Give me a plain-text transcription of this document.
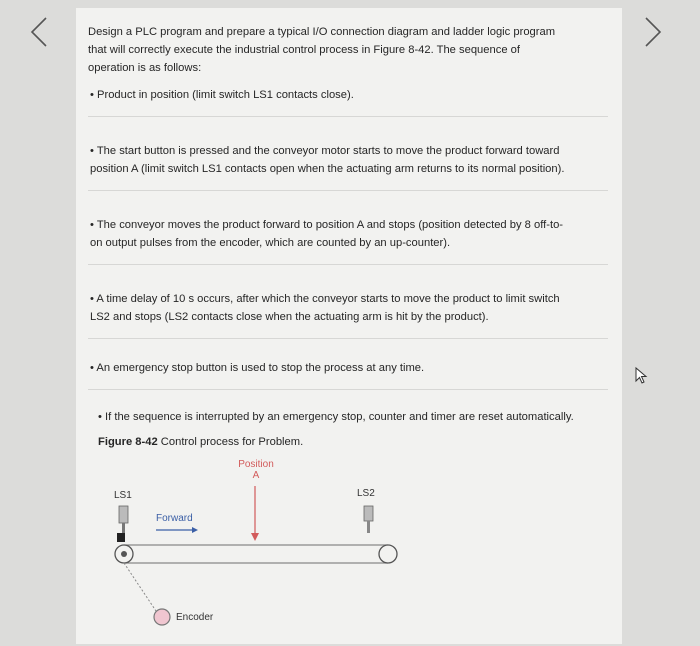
Design a PLC program and prepare a typical I/O connection diagram and ladder logic program
that will correctly execute the industrial control process in Figure 8-42. The sequence of
operation is as follows:
• Product in position (limit switch LS1 contacts close).
• The start button is pressed and the conveyor motor starts to move the product forward toward
position A (limit switch LS1 contacts open when the actuating arm returns to its normal position).
• The conveyor moves the product forward to position A and stops (position detected by 8 off-to-
on output pulses from the encoder, which are counted by an up-counter).
• A time delay of 10 s occurs, after which the conveyor starts to move the product to limit switch
LS2 and stops (LS2 contacts close when the actuating arm is hit by the product).
• An emergency stop button is used to stop the process at any time.
• If the sequence is interrupted by an emergency stop, counter and timer are reset automatically.
Figure 8-42 Control process for Problem.
Position
A
LS1	LS2
Forward
Encoder
